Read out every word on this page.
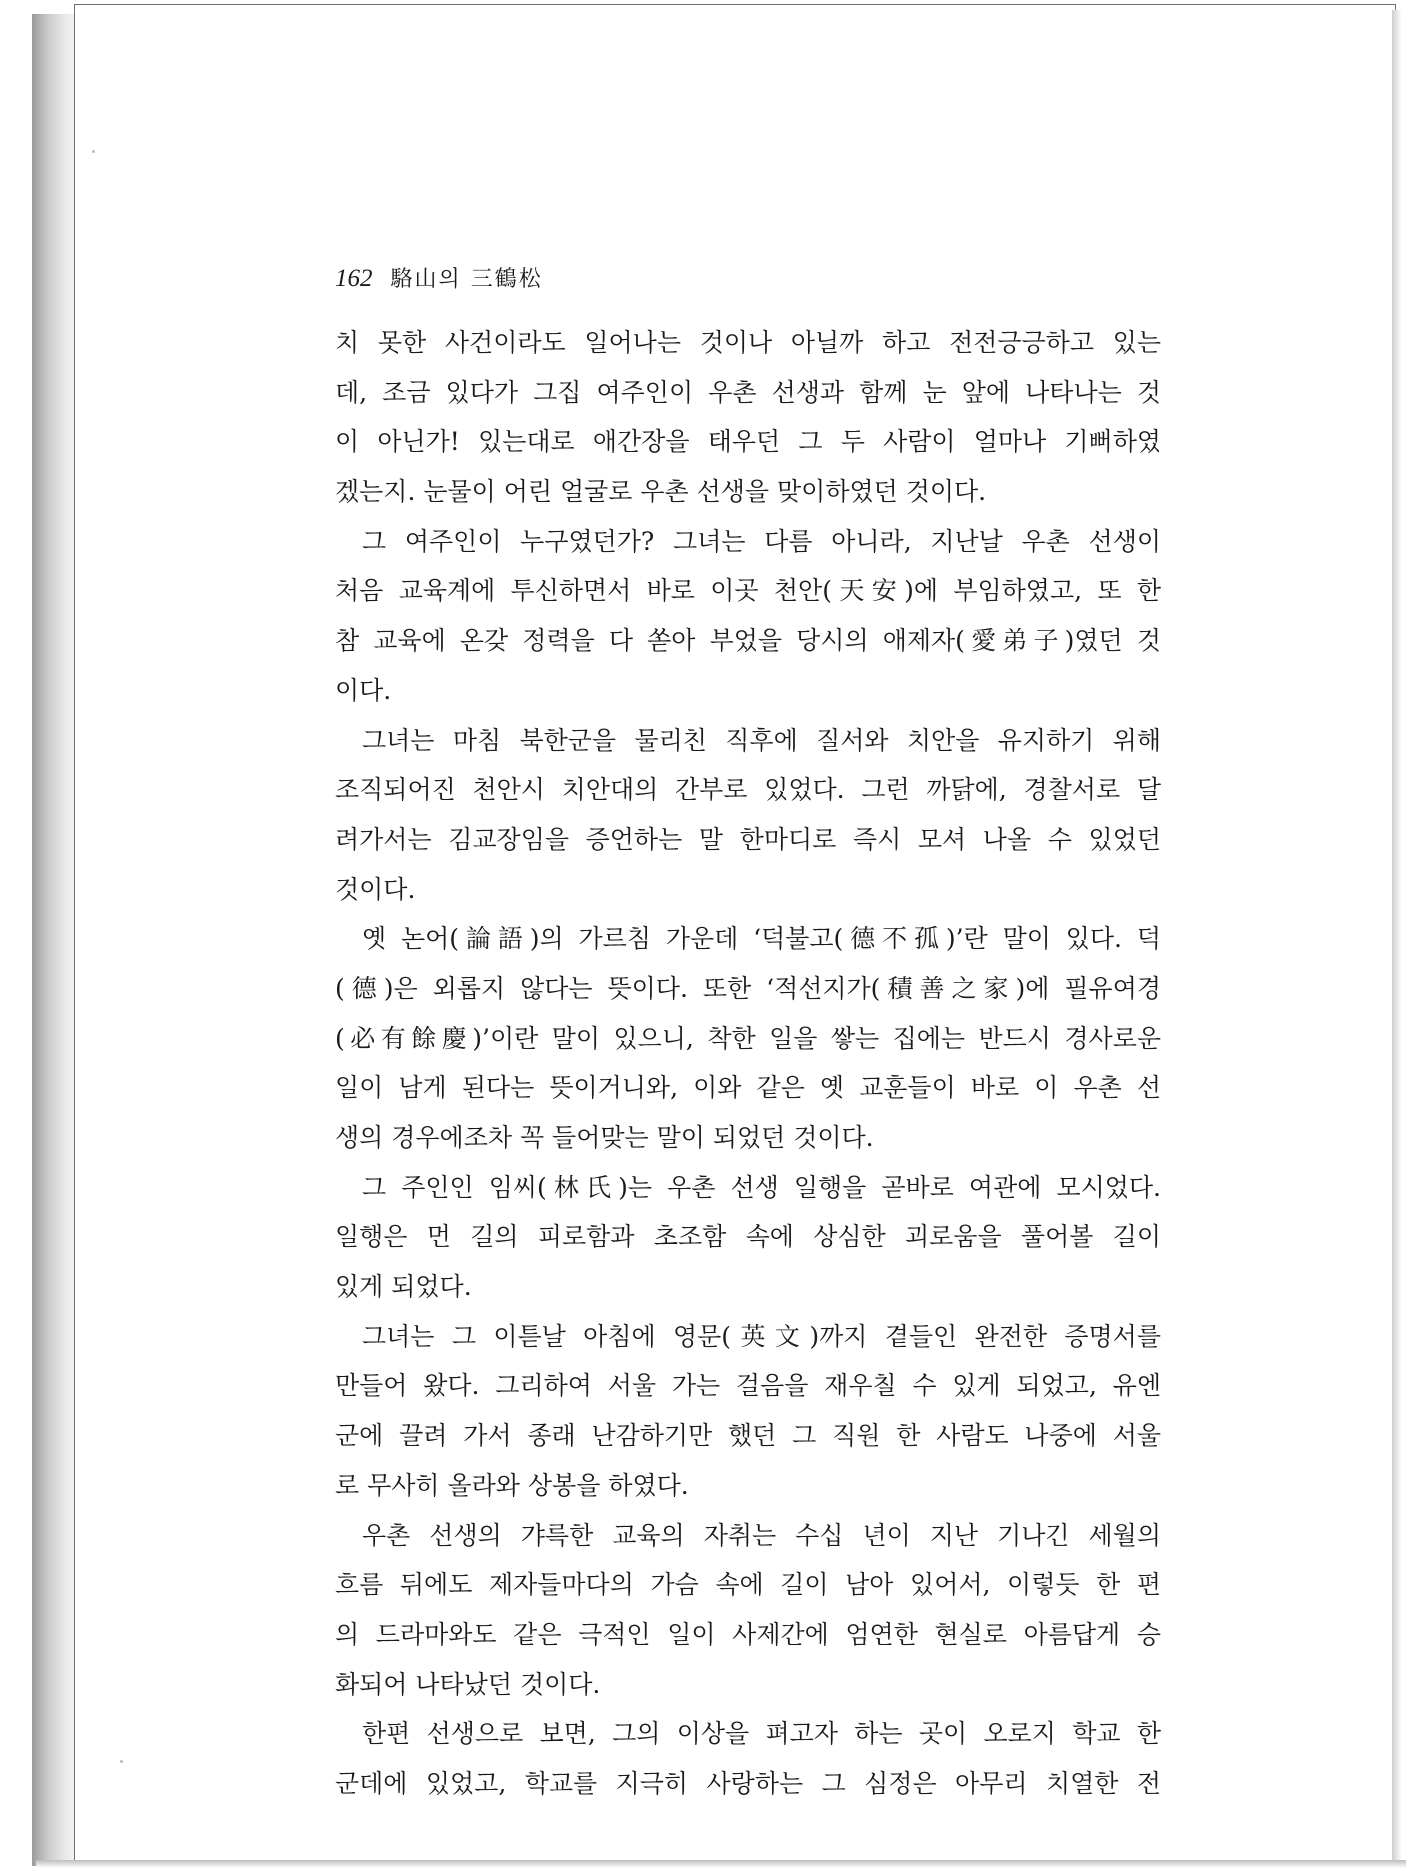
162 駱山의 三鶴松
치 못한 사건이라도 일어나는 것이나 아닐까 하고 전전긍긍하고 있는
데, 조금 있다가 그집 여주인이 우촌 선생과 함께 눈 앞에 나타나는 것
이 아닌가! 있는대로 애간장을 태우던 그 두 사람이 얼마나 기뻐하였
겠는지. 눈물이 어린 얼굴로 우촌 선생을 맞이하였던 것이다.
그 여주인이 누구였던가? 그녀는 다름 아니라, 지난날 우촌 선생이
처음 교육계에 투신하면서 바로 이곳 천안(天安)에 부임하였고, 또 한
참 교육에 온갖 정력을 다 쏟아 부었을 당시의 애제자(愛弟子)였던 것
이다.
그녀는 마침 북한군을 물리친 직후에 질서와 치안을 유지하기 위해
조직되어진 천안시 치안대의 간부로 있었다. 그런 까닭에, 경찰서로 달
려가서는 김교장임을 증언하는 말 한마디로 즉시 모셔 나올 수 있었던
것이다.
옛 논어(論語)의 가르침 가운데 ‘덕불고(德不孤)’란 말이 있다. 덕
(德)은 외롭지 않다는 뜻이다. 또한 ‘적선지가(積善之家)에 필유여경
(必有餘慶)’이란 말이 있으니, 착한 일을 쌓는 집에는 반드시 경사로운
일이 남게 된다는 뜻이거니와, 이와 같은 옛 교훈들이 바로 이 우촌 선
생의 경우에조차 꼭 들어맞는 말이 되었던 것이다.
그 주인인 임씨(林氏)는 우촌 선생 일행을 곧바로 여관에 모시었다.
일행은 먼 길의 피로함과 초조함 속에 상심한 괴로움을 풀어볼 길이
있게 되었다.
그녀는 그 이튿날 아침에 영문(英文)까지 곁들인 완전한 증명서를
만들어 왔다. 그리하여 서울 가는 걸음을 재우칠 수 있게 되었고, 유엔
군에 끌려 가서 종래 난감하기만 했던 그 직원 한 사람도 나중에 서울
로 무사히 올라와 상봉을 하였다.
우촌 선생의 갸륵한 교육의 자취는 수십 년이 지난 기나긴 세월의
흐름 뒤에도 제자들마다의 가슴 속에 길이 남아 있어서, 이렇듯 한 편
의 드라마와도 같은 극적인 일이 사제간에 엄연한 현실로 아름답게 승
화되어 나타났던 것이다.
한편 선생으로 보면, 그의 이상을 펴고자 하는 곳이 오로지 학교 한
군데에 있었고, 학교를 지극히 사랑하는 그 심정은 아무리 치열한 전
